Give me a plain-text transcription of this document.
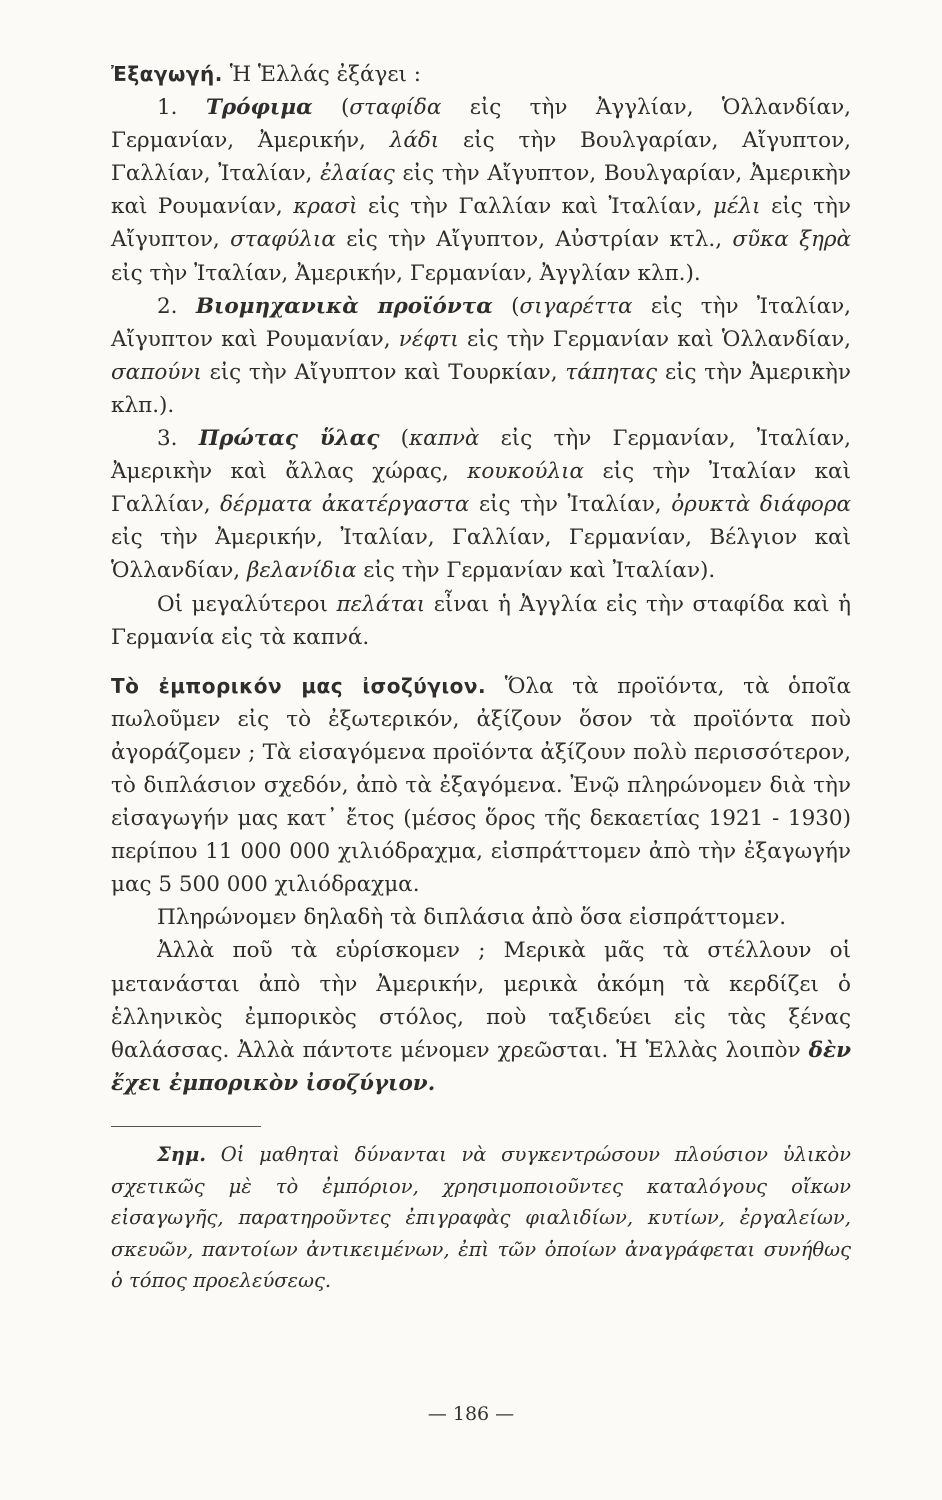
Ἐξαγωγή. Ἡ Ἑλλάς ἐξάγει :

1. Τρόφιμα (σταφίδα εἰς τὴν Ἀγγλίαν, Ὁλλανδίαν, Γερμανίαν, Ἀμερικήν, λάδι εἰς τὴν Βουλγαρίαν, Αἴγυπτον, Γαλλίαν, Ἰταλίαν, ἐλαίας εἰς τὴν Αἴγυπτον, Βουλγαρίαν, Ἀμερικὴν καὶ Ρουμανίαν, κρασὶ εἰς τὴν Γαλλίαν καὶ Ἰταλίαν, μέλι εἰς τὴν Αἴγυπτον, σταφύλια εἰς τὴν Αἴγυπτον, Αὐστρίαν κτλ., σῦκα ξηρὰ εἰς τὴν Ἰταλίαν, Ἀμερικήν, Γερμανίαν, Ἀγγλίαν κλπ.).

2. Βιομηχανικὰ προϊόντα (σιγαρέττα εἰς τὴν Ἰταλίαν, Αἴγυπτον καὶ Ρουμανίαν, νέφτι εἰς τὴν Γερμανίαν καὶ Ὁλλανδίαν, σαπούνι εἰς τὴν Αἴγυπτον καὶ Τουρκίαν, τάπητας εἰς τὴν Ἀμερικὴν κλπ.).

3. Πρώτας ὕλας (καπνὰ εἰς τὴν Γερμανίαν, Ἰταλίαν, Ἀμερικὴν καὶ ἄλλας χώρας, κουκούλια εἰς τὴν Ἰταλίαν καὶ Γαλλίαν, δέρματα ἀκατέργαστα εἰς τὴν Ἰταλίαν, ὀρυκτὰ διάφορα εἰς τὴν Ἀμερικήν, Ἰταλίαν, Γαλλίαν, Γερμανίαν, Βέλγιον καὶ Ὁλλανδίαν, βελανίδια εἰς τὴν Γερμανίαν καὶ Ἰταλίαν).

Οἱ μεγαλύτεροι πελάται εἶναι ἡ Ἀγγλία εἰς τὴν σταφίδα καὶ ἡ Γερμανία εἰς τὰ καπνά.

Τὸ ἐμπορικόν μας ἰσοζύγιον. Ὅλα τὰ προϊόντα, τὰ ὁποῖα πωλοῦμεν εἰς τὸ ἐξωτερικόν, ἀξίζουν ὅσον τὰ προϊόντα ποὺ ἀγοράζομεν ; Τὰ εἰσαγόμενα προϊόντα ἀξίζουν πολὺ περισσότερον, τὸ διπλάσιον σχεδόν, ἀπὸ τὰ ἐξαγόμενα. Ἐνῷ πληρώνομεν διὰ τὴν εἰσαγωγήν μας κατ᾽ ἔτος (μέσος ὅρος τῆς δεκαετίας 1921 - 1930) περίπου 11 000 000 χιλιόδραχμα, εἰσπράττομεν ἀπὸ τὴν ἐξαγωγήν μας 5 500 000 χιλιόδραχμα.

Πληρώνομεν δηλαδὴ τὰ διπλάσια ἀπὸ ὅσα εἰσπράττομεν.

Ἀλλὰ ποῦ τὰ εὑρίσκομεν ; Μερικὰ μᾶς τὰ στέλλουν οἱ μετανάσται ἀπὸ τὴν Ἀμερικήν, μερικὰ ἀκόμη τὰ κερδίζει ὁ ἑλληνικὸς ἐμπορικὸς στόλος, ποὺ ταξιδεύει εἰς τὰς ξένας θαλάσσας. Ἀλλὰ πάντοτε μένομεν χρεῶσται. Ἡ Ἑλλὰς λοιπὸν δὲν ἔχει ἐμπορικὸν ἰσοζύγιον.

Σημ. Οἱ μαθηταὶ δύνανται νὰ συγκεντρώσουν πλούσιον ὑλικὸν σχετικῶς μὲ τὸ ἐμπόριον, χρησιμοποιοῦντες καταλόγους οἴκων εἰσαγωγῆς, παρατηροῦντες ἐπιγραφὰς φιαλιδίων, κυτίων, ἐργαλείων, σκευῶν, παντοίων ἀντικειμένων, ἐπὶ τῶν ὁποίων ἀναγράφεται συνήθως ὁ τόπος προελεύσεως.

— 186 —
